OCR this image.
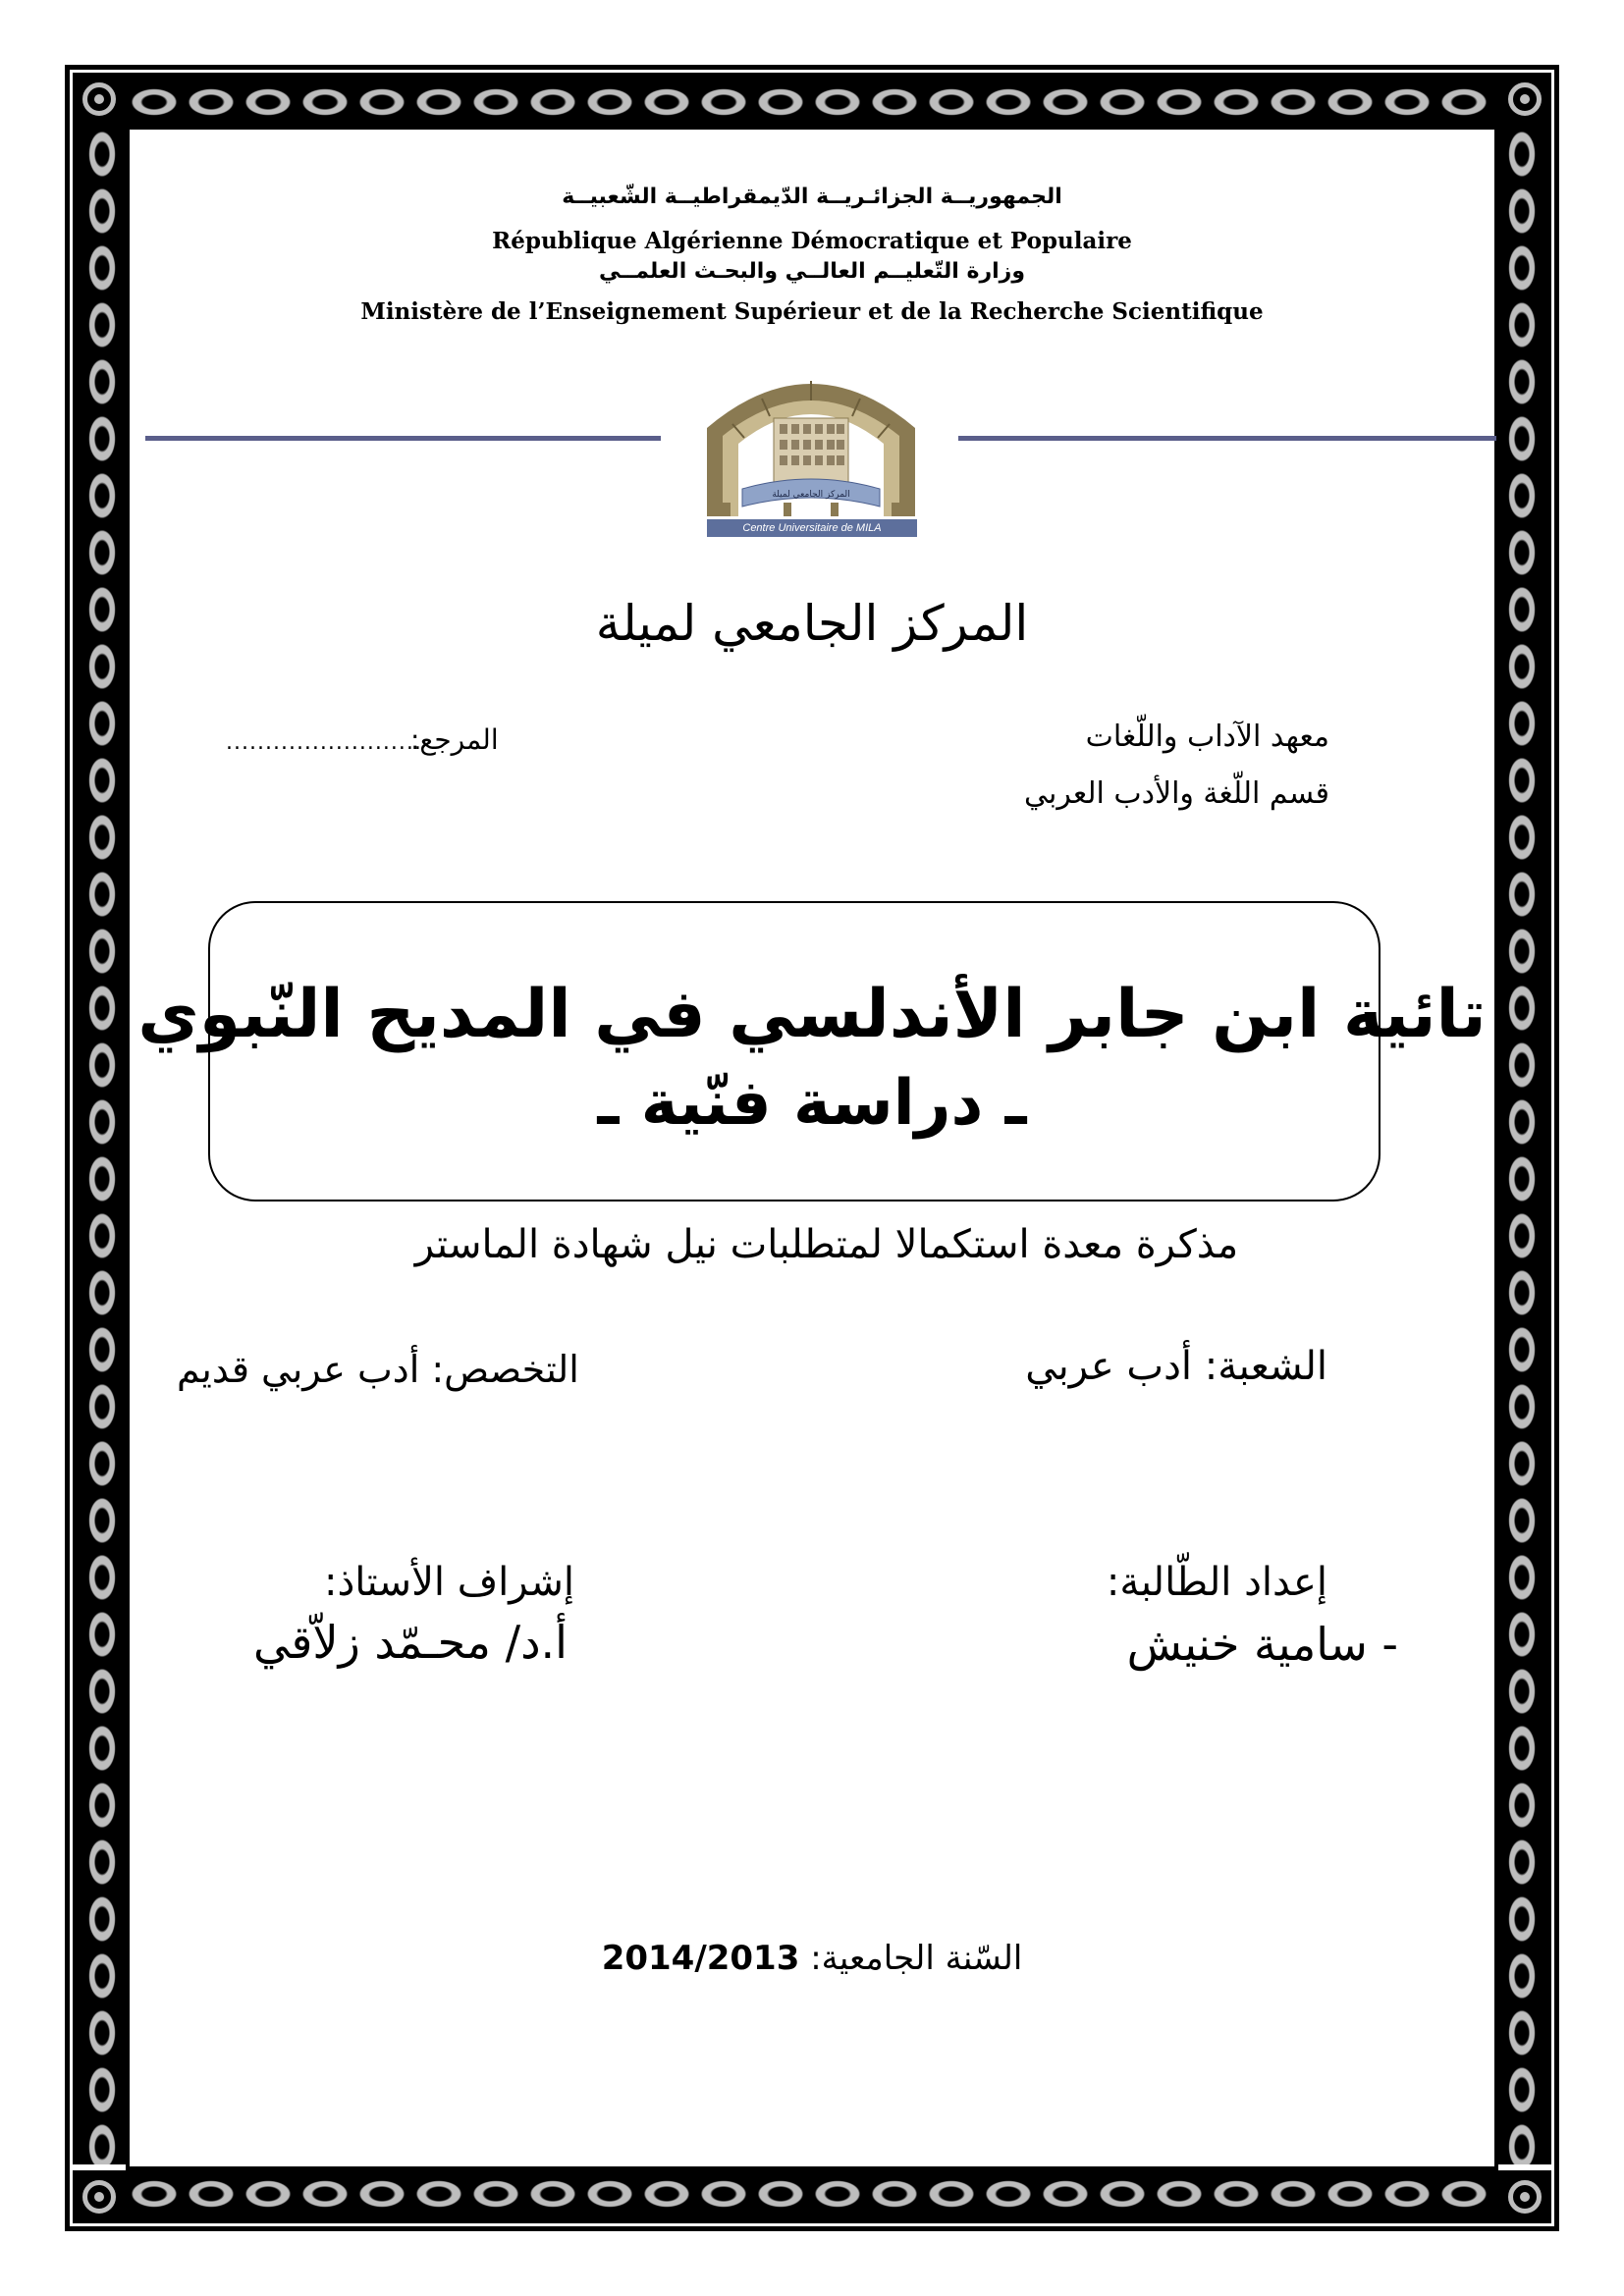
الجمهوريــة الجزائـريــة الدّيمقراطيــة الشّعبيــة
République Algérienne Démocratique et Populaire
وزارة التّعليــم العالــي والبحـث العلمــي
Ministère de l’Enseignement Supérieur et de la Recherche Scientifique
المركز الجامعي لميلة
Centre Universitaire de MILA
المركز الجامعي لميلة
معهد الآداب واللّغات
قسم اللّغة والأدب العربي
المرجع:
.........................
تائية ابن جابر الأندلسي في المديح النّبوي
ـ دراسة فنّية ـ
مذكرة معدة استكمالا لمتطلبات نيل شهادة الماستر
الشعبة: أدب عربي
التخصص: أدب عربي قديم
إعداد الطّالبة:
إشراف الأستاذ:
- سامية خنيش
أ.د/ محـمّد زلاّقي
السّنة الجامعية: 2014/2013
